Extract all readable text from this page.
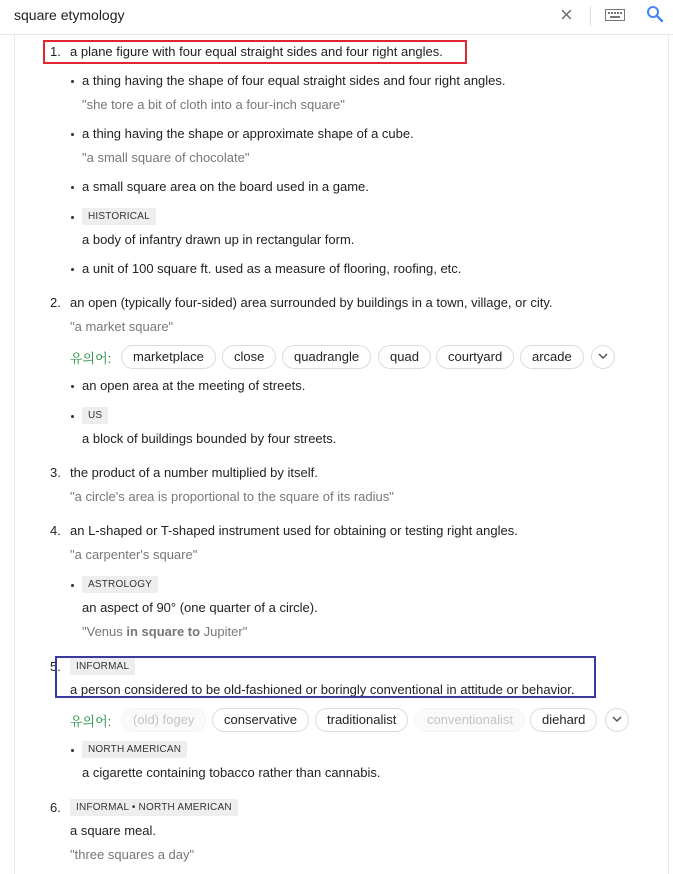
square etymology	×
1. a plane figure with four equal straight sides and four right angles.
a thing having the shape of four equal straight sides and four right angles.
"she tore a bit of cloth into a four-inch square"
a thing having the shape or approximate shape of a cube.
"a small square of chocolate"
a small square area on the board used in a game.
HISTORICAL
a body of infantry drawn up in rectangular form.
a unit of 100 square ft. used as a measure of flooring, roofing, etc.
2. an open (typically four-sided) area surrounded by buildings in a town, village, or city.
"a market square"
유의어:	marketplace	close	quadrangle	quad	courtyard	arcade
an open area at the meeting of streets.
US
a block of buildings bounded by four streets.
3. the product of a number multiplied by itself.
"a circle's area is proportional to the square of its radius"
4. an L-shaped or T-shaped instrument used for obtaining or testing right angles.
"a carpenter's square"
ASTROLOGY
an aspect of 90° (one quarter of a circle).
"Venus in square to Jupiter"
5.	INFORMAL
a person considered to be old-fashioned or boringly conventional in attitude or behavior.
유의어:	(old) fogey	conservative	traditionalist	conventionalist	diehard
NORTH AMERICAN
a cigarette containing tobacco rather than cannabis.
6.	INFORMAL • NORTH AMERICAN
a square meal.
"three squares a day"
